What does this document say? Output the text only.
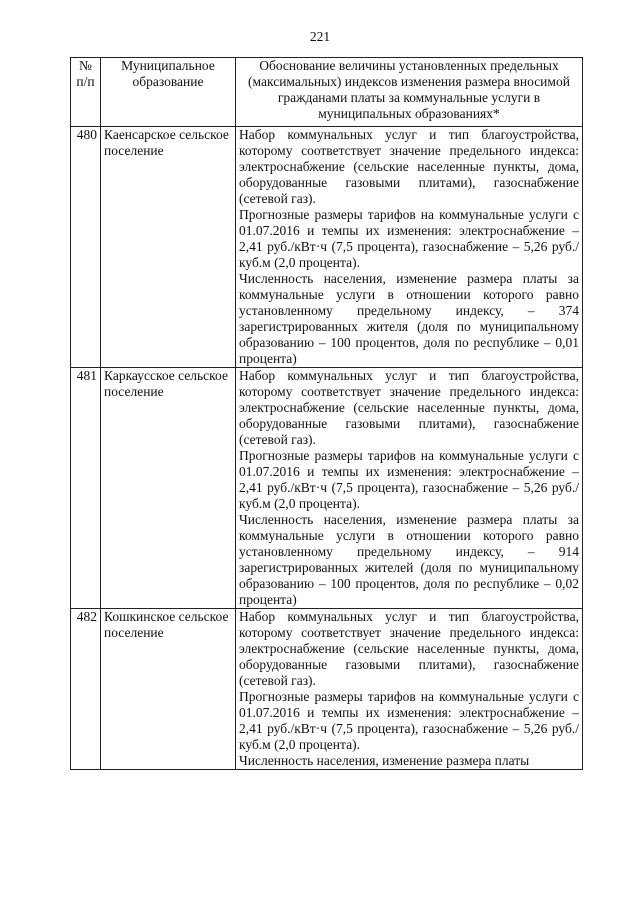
221
№ п/п	Муниципальное образование	Обоснование величины установленных предельных (максимальных) индексов изменения размера вносимой гражданами платы за коммунальные услуги в муниципальных образованиях*
480	Каенсарское сельское поселение	Набор коммунальных услуг и тип благоустройства, которому соответствует значение предельного индекса: электроснабжение (сельские населенные пункты, дома, оборудованные газовыми плитами), газоснабжение (сетевой газ).
Прогнозные размеры тарифов на коммунальные услуги с 01.07.2016 и темпы их изменения: электроснабжение – 2,41 руб./кВт·ч (7,5 процента), газоснабжение – 5,26 руб./куб.м (2,0 процента).
Численность населения, изменение размера платы за коммунальные услуги в отношении которого равно установленному предельному индексу, – 374 зарегистрированных жителя (доля по муниципальному образованию – 100 процентов, доля по республике – 0,01 процента)

481	Каркаусское сельское поселение	Набор коммунальных услуг и тип благоустройства, которому соответствует значение предельного индекса: электроснабжение (сельские населенные пункты, дома, оборудованные газовыми плитами), газоснабжение (сетевой газ).
Прогнозные размеры тарифов на коммунальные услуги с 01.07.2016 и темпы их изменения: электроснабжение – 2,41 руб./кВт·ч (7,5 процента), газоснабжение – 5,26 руб./куб.м (2,0 процента).
Численность населения, изменение размера платы за коммунальные услуги в отношении которого равно установленному предельному индексу, – 914 зарегистрированных жителей (доля по муниципальному образованию – 100 процентов, доля по республике – 0,02 процента)

482	Кошкинское сельское поселение	Набор коммунальных услуг и тип благоустройства, которому соответствует значение предельного индекса: электроснабжение (сельские населенные пункты, дома, оборудованные газовыми плитами), газоснабжение (сетевой газ).
Прогнозные размеры тарифов на коммунальные услуги с 01.07.2016 и темпы их изменения: электроснабжение – 2,41 руб./кВт·ч (7,5 процента), газоснабжение – 5,26 руб./куб.м (2,0 процента).
Численность населения, изменение размера платы
